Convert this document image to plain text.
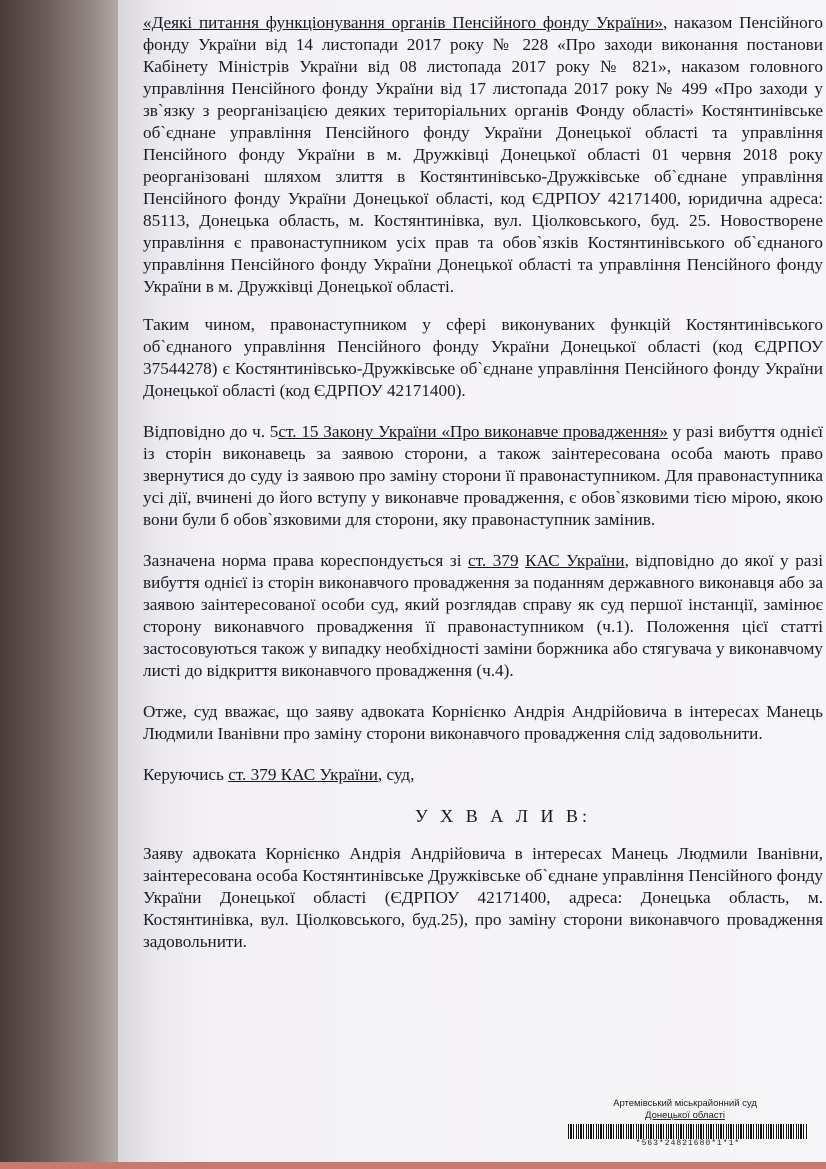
«Деякі питання функціонування органів Пенсійного фонду України», наказом Пенсійного фонду України від 14 листопади 2017 року № 228 «Про заходи виконання постанови Кабінету Міністрів України від 08 листопада 2017 року № 821», наказом головного управління Пенсійного фонду України від 17 листопада 2017 року № 499 «Про заходи у зв`язку з реорганізацією деяких територіальних органів Фонду області» Костянтинівське об`єднане управління Пенсійного фонду України Донецької області та управління Пенсійного фонду України в м. Дружківці Донецької області 01 червня 2018 року реорганізовані шляхом злиття в Костянтинівсько-Дружківське об`єднане управління Пенсійного фонду України Донецької області, код ЄДРПОУ 42171400, юридична адреса: 85113, Донецька область, м. Костянтинівка, вул. Ціолковського, буд. 25. Новостворене управління є правонаступником усіх прав та обов`язків Костянтинівського об`єднаного управління Пенсійного фонду України Донецької області та управління Пенсійного фонду України в м. Дружківці Донецької області.

Таким чином, правонаступником у сфері виконуваних функцій Костянтинівського об`єднаного управління Пенсійного фонду України Донецької області (код ЄДРПОУ 37544278) є Костянтинівсько-Дружківське об`єднане управління Пенсійного фонду України Донецької області (код ЄДРПОУ 42171400).

Відповідно до ч. 5ст. 15 Закону України «Про виконавче провадження» у разі вибуття однієї із сторін виконавець за заявою сторони, а також заінтересована особа мають право звернутися до суду із заявою про заміну сторони її правонаступником. Для правонаступника усі дії, вчинені до його вступу у виконавче провадження, є обов`язковими тією мірою, якою вони були б обов`язковими для сторони, яку правонаступник замінив.

Зазначена норма права кореспондується зі ст. 379 КАС України, відповідно до якої у разі вибуття однієї із сторін виконавчого провадження за поданням державного виконавця або за заявою заінтересованої особи суд, який розглядав справу як суд першої інстанції, замінює сторону виконавчого провадження її правонаступником (ч.1). Положення цієї статті застосовуються також у випадку необхідності заміни боржника або стягувача у виконавчому листі до відкриття виконавчого провадження (ч.4).

Отже, суд вважає, що заяву адвоката Корнієнко Андрія Андрійовича в інтересах Манець Людмили Іванівни про заміну сторони виконавчого провадження слід задовольнити.

Керуючись ст. 379 КАС України, суд,

У Х В А Л И В:

Заяву адвоката Корнієнко Андрія Андрійовича в інтересах Манець Людмили Іванівни, заінтересована особа Костянтинівське Дружківське об`єднане управління Пенсійного фонду України Донецької області (ЄДРПОУ 42171400, адреса: Донецька область, м. Костянтинівка, вул. Ціолковського, буд.25), про заміну сторони виконавчого провадження задовольнити.

Артемівський міськрайонний суд
Донецької області
*563*24821680*1*1*
